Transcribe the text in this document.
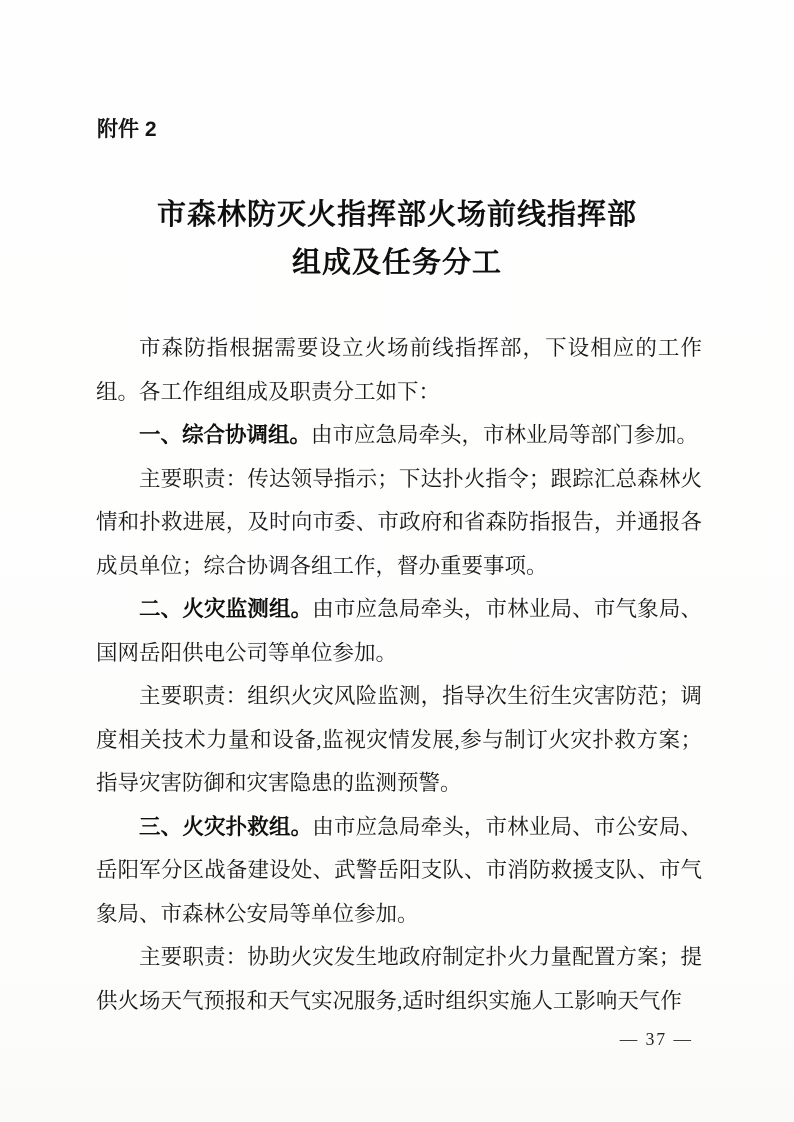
附件 2
市森林防灭火指挥部火场前线指挥部
组成及任务分工

市森防指根据需要设立火场前线指挥部，下设相应的工作组。各工作组组成及职责分工如下：

一、综合协调组。由市应急局牵头，市林业局等部门参加。

主要职责：传达领导指示；下达扑火指令；跟踪汇总森林火情和扑救进展，及时向市委、市政府和省森防指报告，并通报各成员单位；综合协调各组工作，督办重要事项。

二、火灾监测组。由市应急局牵头，市林业局、市气象局、国网岳阳供电公司等单位参加。

主要职责：组织火灾风险监测，指导次生衍生灾害防范；调度相关技术力量和设备,监视灾情发展,参与制订火灾扑救方案；指导灾害防御和灾害隐患的监测预警。

三、火灾扑救组。由市应急局牵头，市林业局、市公安局、岳阳军分区战备建设处、武警岳阳支队、市消防救援支队、市气象局、市森林公安局等单位参加。

主要职责：协助火灾发生地政府制定扑火力量配置方案；提供火场天气预报和天气实况服务,适时组织实施人工影响天气作

— 37 —
